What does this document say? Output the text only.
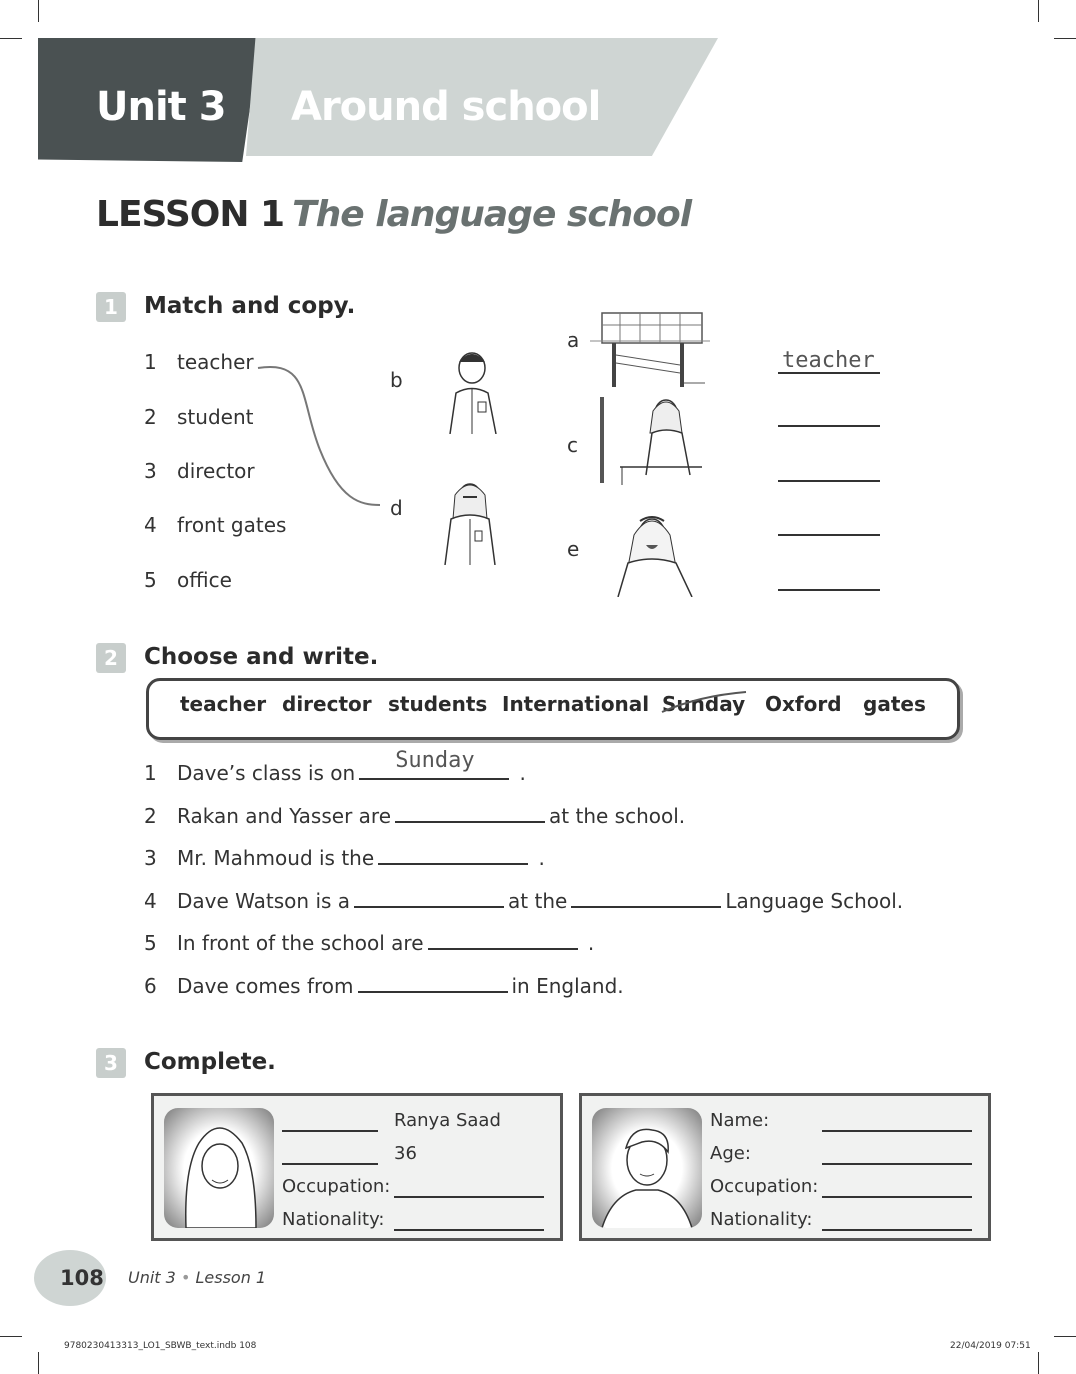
Unit 3 Around school
LESSON 1 The language school
1	Match and copy.
1 teacher
2 student
3 director
4 front gates
5 office
a
b
c
d
e
teacher
2	Choose and write.
teacher director students International Sunday Oxford gates
1 Dave’s class is on Sunday .
2 Rakan and Yasser are	at the school.
3 Mr. Mahmoud is the	.
4 Dave Watson is a	at the	Language School.
5 In front of the school are	.
6 Dave comes from	in England.
3	Complete.
Ranya Saad
36
Occupation:
Nationality:
Name:
Age:
Occupation:
Nationality:
108 Unit 3 • Lesson 1
9780230413313_LO1_SBWB_text.indb 108	22/04/2019 07:51
